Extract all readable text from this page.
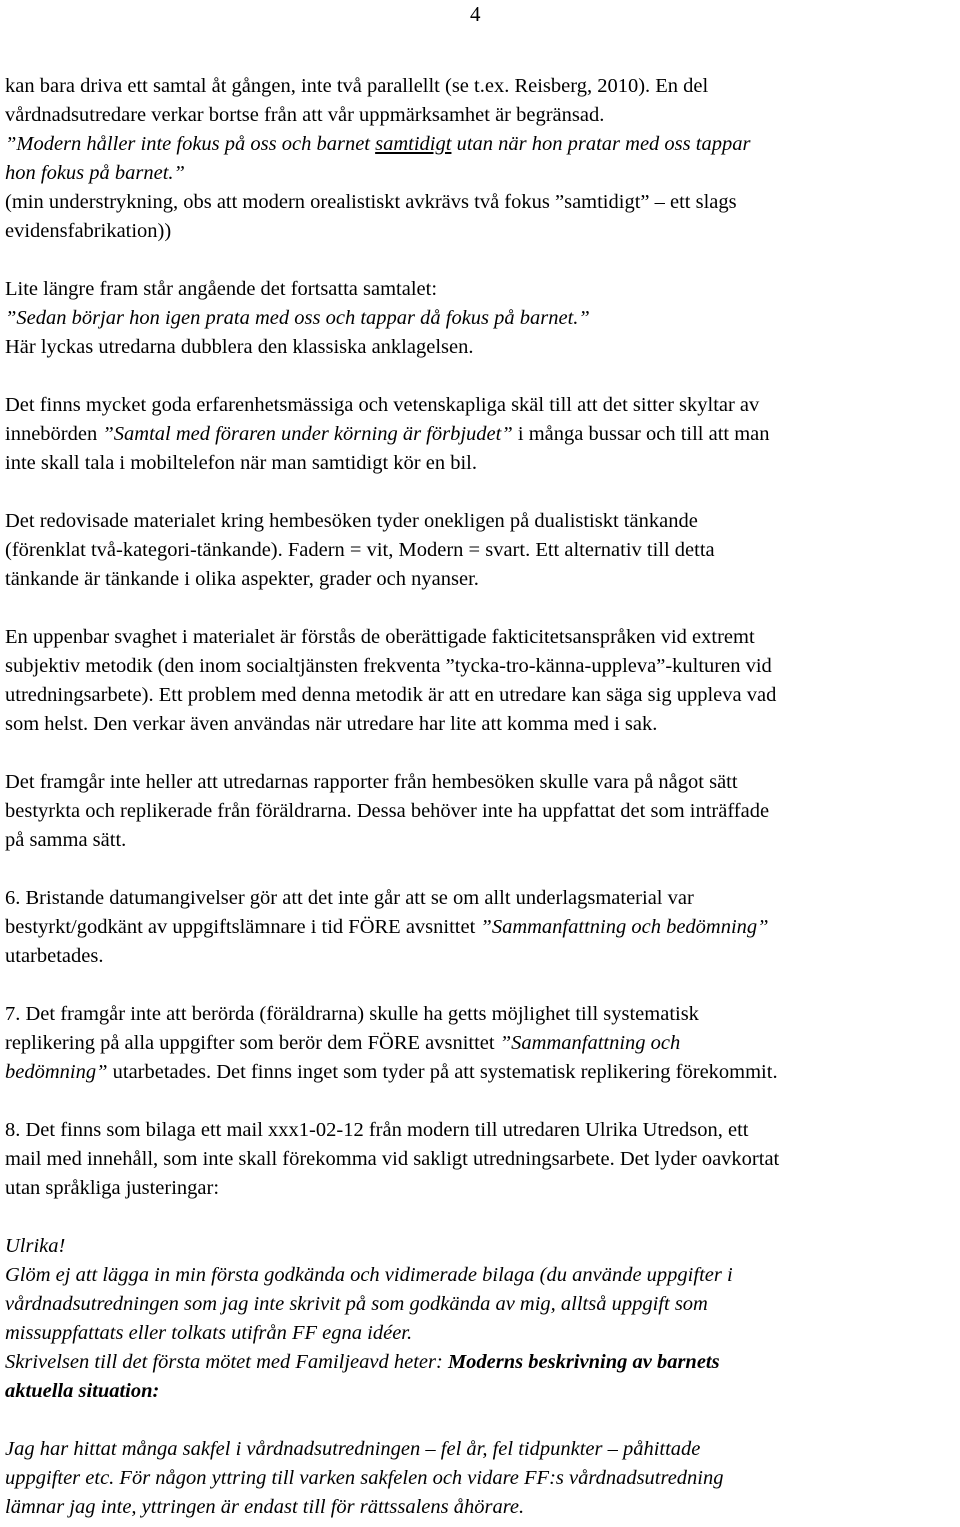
4
kan bara driva ett samtal åt gången, inte två parallellt (se t.ex. Reisberg, 2010). En del
vårdnadsutredare verkar bortse från att vår uppmärksamhet är begränsad.
”Modern håller inte fokus på oss och barnet samtidigt utan när hon pratar med oss tappar
hon fokus på barnet.”
(min understrykning, obs att modern orealistiskt avkrävs två fokus ”samtidigt” – ett slags
evidensfabrikation))
Lite längre fram står angående det fortsatta samtalet:
”Sedan börjar hon igen prata med oss och tappar då fokus på barnet.”
Här lyckas utredarna dubblera den klassiska anklagelsen.
Det finns mycket goda erfarenhetsmässiga och vetenskapliga skäl till att det sitter skyltar av
innebörden ”Samtal med föraren under körning är förbjudet” i många bussar och till att man
inte skall tala i mobiltelefon när man samtidigt kör en bil.
Det redovisade materialet kring hembesöken tyder onekligen på dualistiskt tänkande
(förenklat två-kategori-tänkande). Fadern = vit, Modern = svart. Ett alternativ till detta
tänkande är tänkande i olika aspekter, grader och nyanser.
En uppenbar svaghet i materialet är förstås de oberättigade fakticitetsanspråken vid extremt
subjektiv metodik (den inom socialtjänsten frekventa ”tycka-tro-känna-uppleva”-kulturen vid
utredningsarbete). Ett problem med denna metodik är att en utredare kan säga sig uppleva vad
som helst. Den verkar även användas när utredare har lite att komma med i sak.
Det framgår inte heller att utredarnas rapporter från hembesöken skulle vara på något sätt
bestyrkta och replikerade från föräldrarna. Dessa behöver inte ha uppfattat det som inträffade
på samma sätt.
6. Bristande datumangivelser gör att det inte går att se om allt underlagsmaterial var
bestyrkt/godkänt av uppgiftslämnare i tid FÖRE avsnittet ”Sammanfattning och bedömning”
utarbetades.
7. Det framgår inte att berörda (föräldrarna) skulle ha getts möjlighet till systematisk
replikering på alla uppgifter som berör dem FÖRE avsnittet ”Sammanfattning och
bedömning” utarbetades. Det finns inget som tyder på att systematisk replikering förekommit.
8. Det finns som bilaga ett mail xxx1-02-12 från modern till utredaren Ulrika Utredson, ett
mail med innehåll, som inte skall förekomma vid sakligt utredningsarbete. Det lyder oavkortat
utan språkliga justeringar:
Ulrika!
Glöm ej att lägga in min första godkända och vidimerade bilaga (du använde uppgifter i
vårdnadsutredningen som jag inte skrivit på som godkända av mig, alltså uppgift som
missuppfattats eller tolkats utifrån FF egna idéer.
Skrivelsen till det första mötet med Familjeavd heter: Moderns beskrivning av barnets
aktuella situation:
Jag har hittat många sakfel i vårdnadsutredningen – fel år, fel tidpunkter – påhittade
uppgifter etc. För någon yttring till varken sakfelen och vidare FF:s vårdnadsutredning
lämnar jag inte, yttringen är endast till för rättssalens åhörare.
